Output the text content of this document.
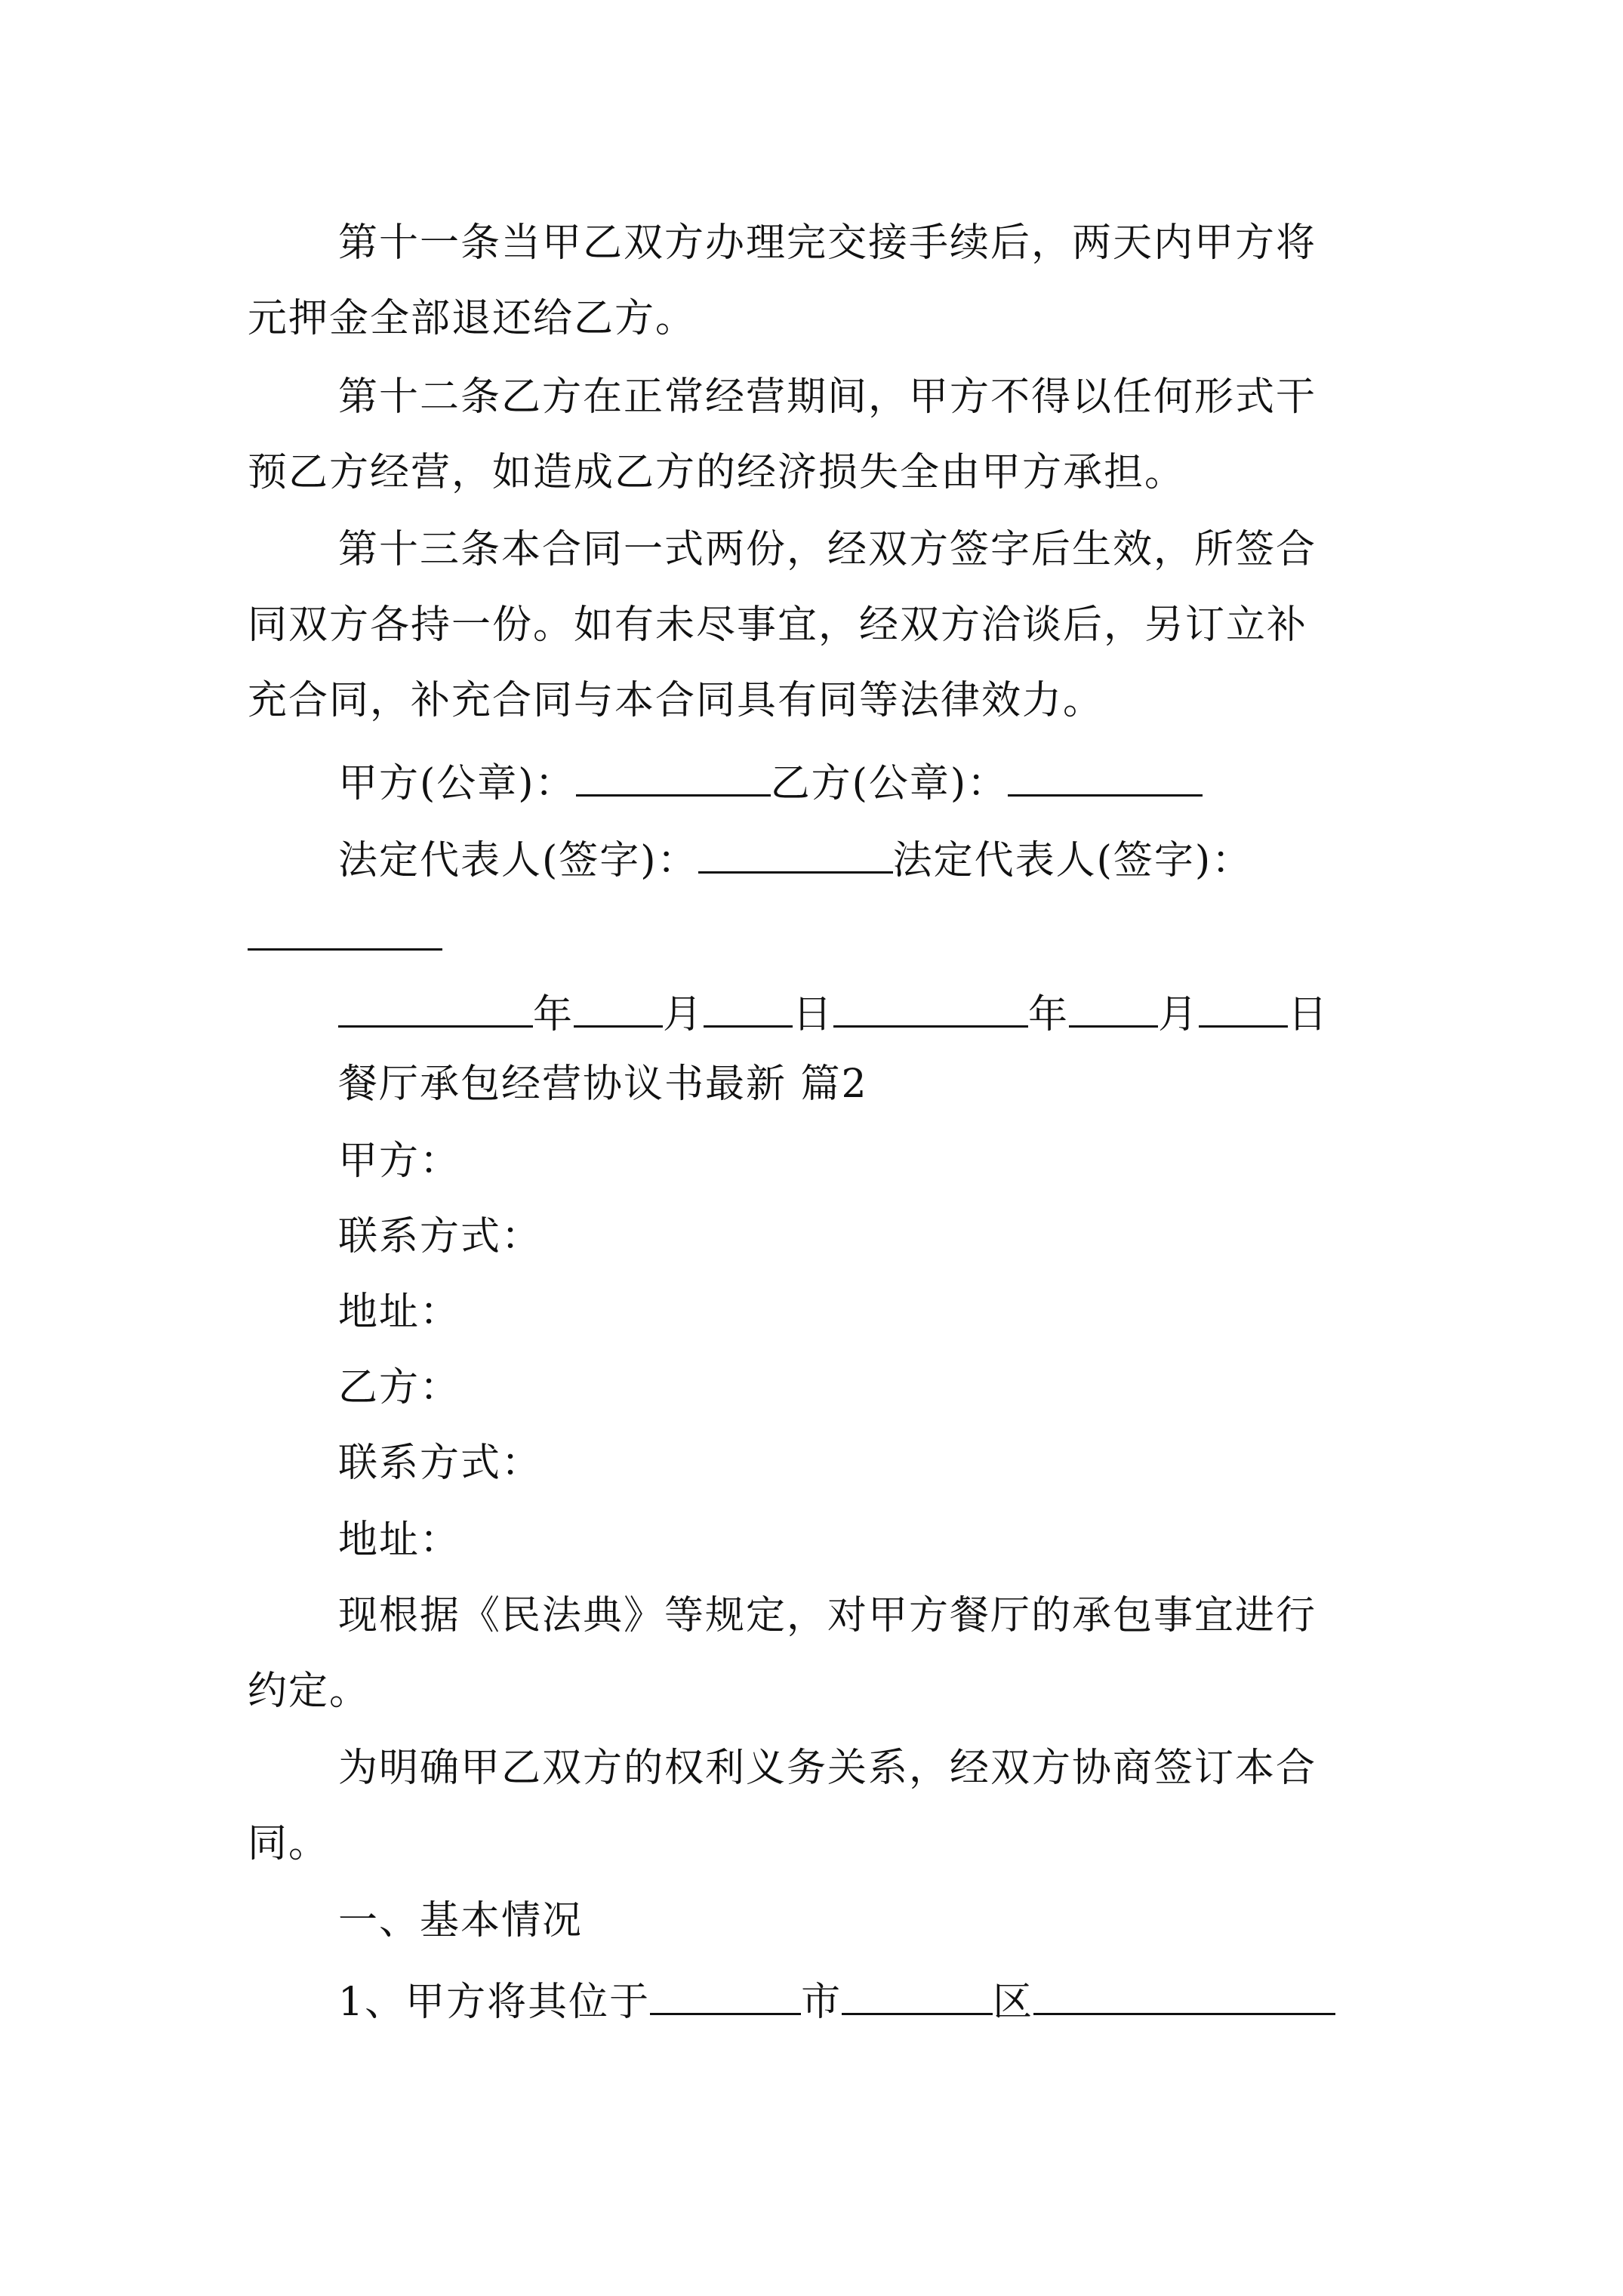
第十一条当甲乙双方办理完交接手续后，两天内甲方将
元押金全部退还给乙方。
第十二条乙方在正常经营期间，甲方不得以任何形式干
预乙方经营，如造成乙方的经济损失全由甲方承担。
第十三条本合同一式两份，经双方签字后生效，所签合
同双方各持一份。如有未尽事宜，经双方洽谈后，另订立补
充合同，补充合同与本合同具有同等法律效力。
甲方(公章)：	乙方(公章)：
法定代表人(签字)：	法定代表人(签字)：
年 月 日	年 月 日
餐厅承包经营协议书最新 篇2
甲方：
联系方式：
地址：
乙方：
联系方式：
地址：
现根据《民法典》等规定，对甲方餐厅的承包事宜进行
约定。
为明确甲乙双方的权利义务关系，经双方协商签订本合
同。
一、基本情况
1、甲方将其位于	市	区
